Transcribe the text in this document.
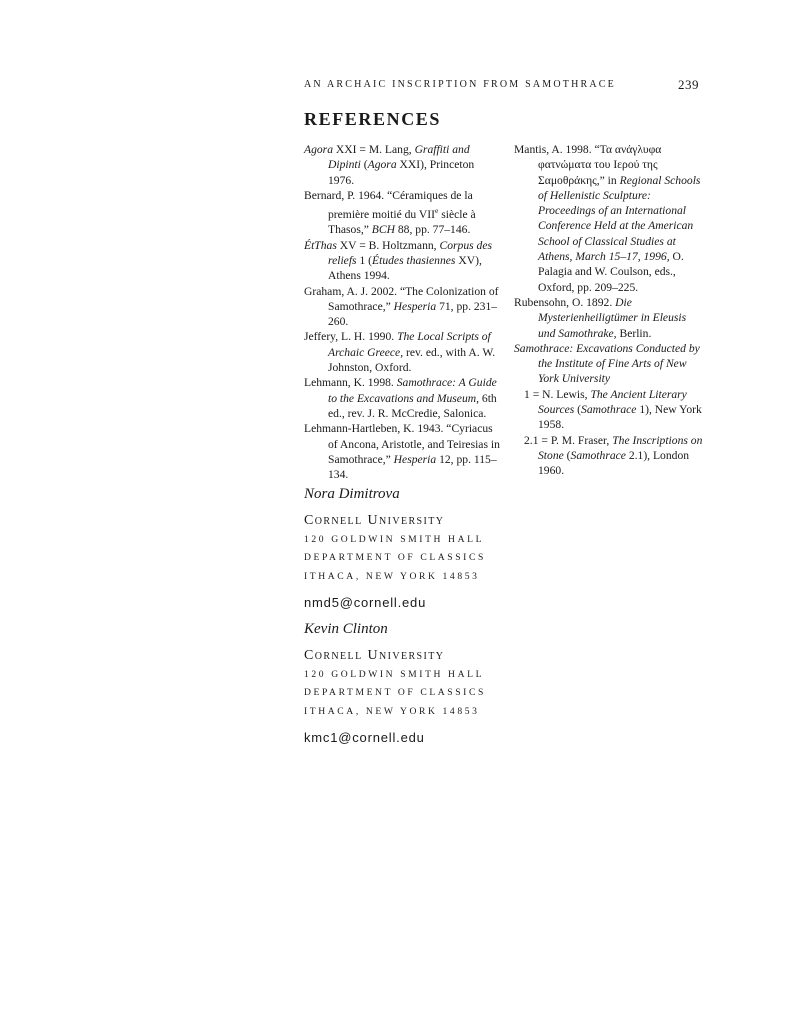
AN ARCHAIC INSCRIPTION FROM SAMOTHRACE	239
REFERENCES

Agora XXI = M. Lang, Graffiti and Dipinti (Agora XXI), Princeton 1976.

Bernard, P. 1964. “Céramiques de la première moitié du VIIe siècle à Thasos,” BCH 88, pp. 77–146.

ÉtThas XV = B. Holtzmann, Corpus des reliefs 1 (Études thasiennes XV), Athens 1994.

Graham, A. J. 2002. “The Colonization of Samothrace,” Hesperia 71, pp. 231–260.

Jeffery, L. H. 1990. The Local Scripts of Archaic Greece, rev. ed., with A. W. Johnston, Oxford.

Lehmann, K. 1998. Samothrace: A Guide to the Excavations and Museum, 6th ed., rev. J. R. McCredie, Salonica.

Lehmann-Hartleben, K. 1943. “Cyriacus of Ancona, Aristotle, and Teiresias in Samothrace,” Hesperia 12, pp. 115–134.

Mantis, A. 1998. “Τα ανάγλυφα φατνώματα του Ιερού της Σαμοθράκης,” in Regional Schools of Hellenistic Sculpture: Proceedings of an International Conference Held at the American School of Classical Studies at Athens, March 15–17, 1996, O. Palagia and W. Coulson, eds., Oxford, pp. 209–225.

Rubensohn, O. 1892. Die Mysterienheiligtümer in Eleusis und Samothrake, Berlin.

Samothrace: Excavations Conducted by the Institute of Fine Arts of New York University

1 = N. Lewis, The Ancient Literary Sources (Samothrace 1), New York 1958.

2.1 = P. M. Fraser, The Inscriptions on Stone (Samothrace 2.1), London 1960.

Nora Dimitrova

Cornell University
120 GOLDWIN SMITH HALL
DEPARTMENT OF CLASSICS
ITHACA, NEW YORK 14853
nmd5@cornell.edu

Kevin Clinton

Cornell University
120 GOLDWIN SMITH HALL
DEPARTMENT OF CLASSICS
ITHACA, NEW YORK 14853
kmc1@cornell.edu
